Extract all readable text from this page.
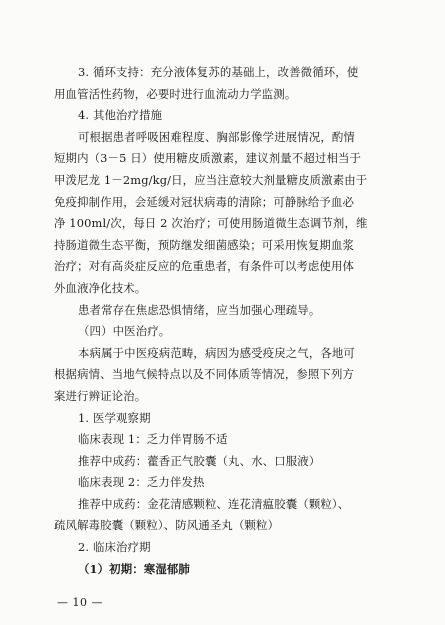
3. 循环支持：充分液体复苏的基础上，改善微循环，使
用血管活性药物，必要时进行血流动力学监测。
4. 其他治疗措施
可根据患者呼吸困难程度、胸部影像学进展情况，酌情
短期内（3－5 日）使用糖皮质激素，建议剂量不超过相当于
甲泼尼龙 1－2mg/kg/日，应当注意较大剂量糖皮质激素由于
免疫抑制作用，会延缓对冠状病毒的清除；可静脉给予血必
净 100ml/次，每日 2 次治疗；可使用肠道微生态调节剂，维
持肠道微生态平衡，预防继发细菌感染；可采用恢复期血浆
治疗；对有高炎症反应的危重患者，有条件可以考虑使用体
外血液净化技术。
患者常存在焦虑恐惧情绪，应当加强心理疏导。
（四）中医治疗。
本病属于中医疫病范畴，病因为感受疫戾之气，各地可
根据病情、当地气候特点以及不同体质等情况，参照下列方
案进行辨证论治。
1. 医学观察期
临床表现 1：乏力伴胃肠不适
推荐中成药：藿香正气胶囊（丸、水、口服液）
临床表现 2：乏力伴发热
推荐中成药：金花清感颗粒、连花清瘟胶囊（颗粒）、
疏风解毒胶囊（颗粒）、防风通圣丸（颗粒）
2. 临床治疗期
（1）初期：寒湿郁肺
— 10 —
